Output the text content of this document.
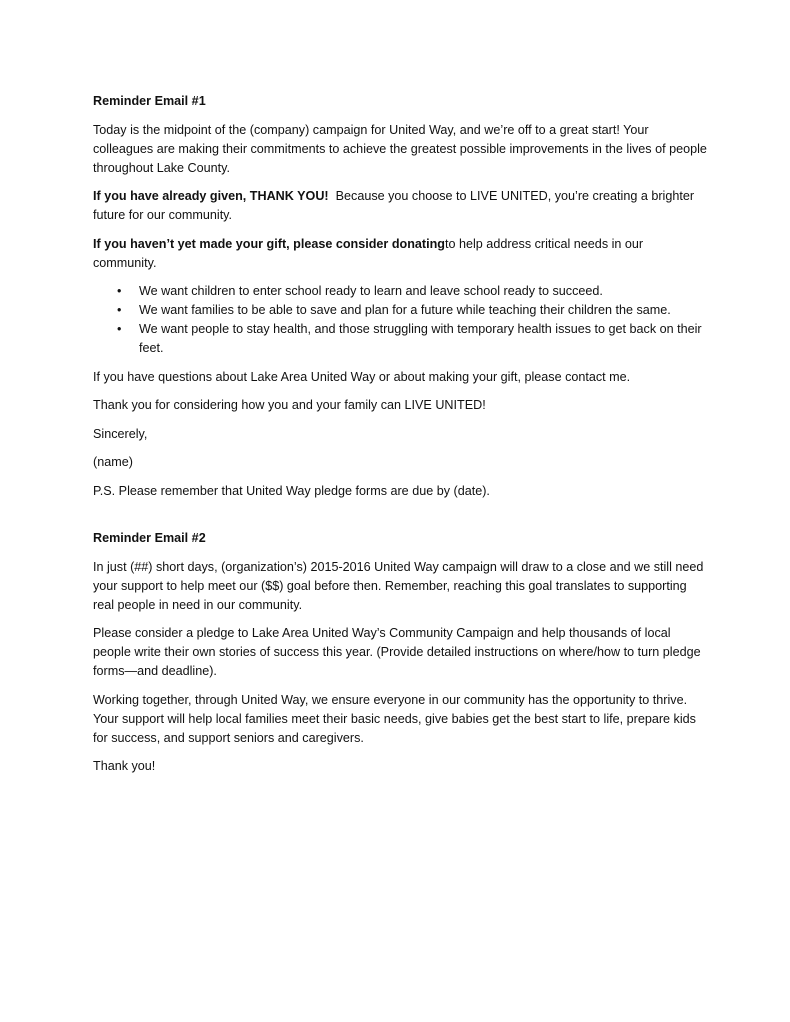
Reminder Email #1

Today is the midpoint of the (company) campaign for United Way, and we’re off to a great start! Your colleagues are making their commitments to achieve the greatest possible improvements in the lives of people throughout Lake County.

If you have already given, THANK YOU!  Because you choose to LIVE UNITED, you’re creating a brighter future for our community.

If you haven’t yet made your gift, please consider donatingto help address critical needs in our community.

• We want children to enter school ready to learn and leave school ready to succeed.
• We want families to be able to save and plan for a future while teaching their children the same.
• We want people to stay health, and those struggling with temporary health issues to get back on their feet.

If you have questions about Lake Area United Way or about making your gift, please contact me.

Thank you for considering how you and your family can LIVE UNITED!

Sincerely,

(name)

P.S. Please remember that United Way pledge forms are due by (date).

Reminder Email #2

In just (##) short days, (organization’s) 2015-2016 United Way campaign will draw to a close and we still need your support to help meet our ($$) goal before then. Remember, reaching this goal translates to supporting real people in need in our community.

Please consider a pledge to Lake Area United Way’s Community Campaign and help thousands of local people write their own stories of success this year. (Provide detailed instructions on where/how to turn pledge forms—and deadline).

Working together, through United Way, we ensure everyone in our community has the opportunity to thrive. Your support will help local families meet their basic needs, give babies get the best start to life, prepare kids for success, and support seniors and caregivers.

Thank you!
